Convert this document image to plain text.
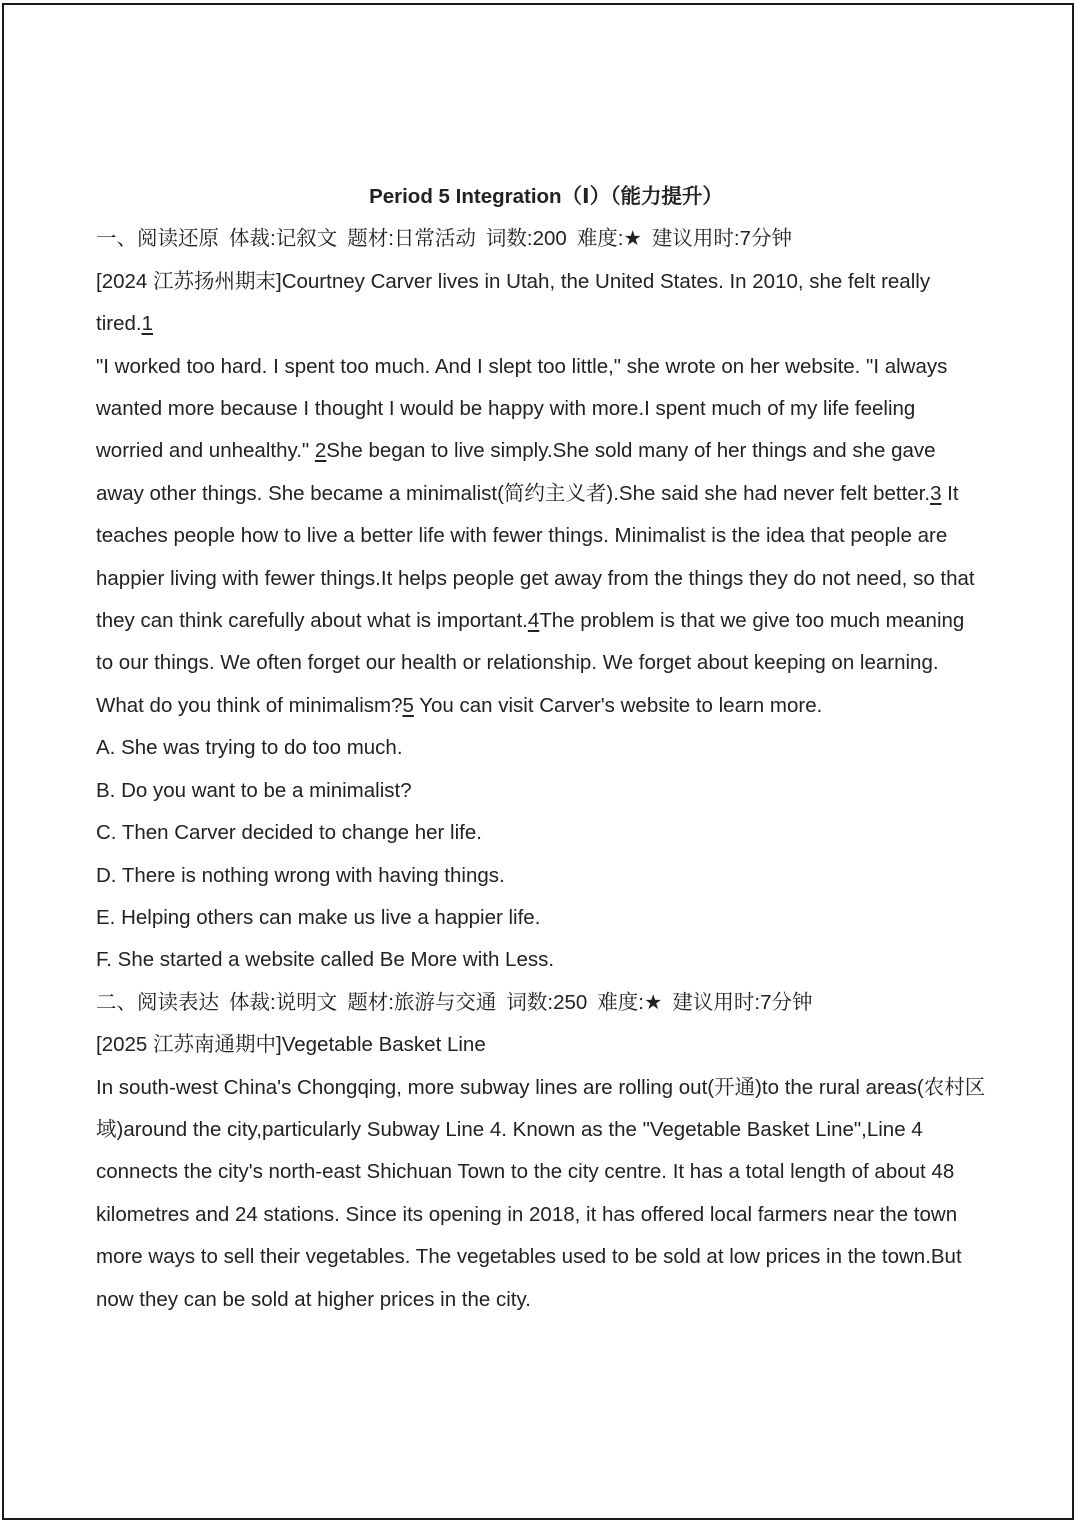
Period 5 Integration（Ⅰ）（能力提升）

一、阅读还原 体裁:记叙文 题材:日常活动 词数:200 难度:★ 建议用时:7分钟

[2024 江苏扬州期末]Courtney Carver lives in Utah, the United States. In 2010, she felt really tired.1

"I worked too hard. I spent too much. And I slept too little," she wrote on her website. "I always wanted more because I thought I would be happy with more.I spent much of my life feeling worried and unhealthy." 2She began to live simply.She sold many of her things and she gave away other things. She became a minimalist(简约主义者).She said she had never felt better.3 It teaches people how to live a better life with fewer things. Minimalist is the idea that people are happier living with fewer things.It helps people get away from the things they do not need, so that they can think carefully about what is important.4The problem is that we give too much meaning to our things. We often forget our health or relationship. We forget about keeping on learning.

What do you think of minimalism?5 You can visit Carver's website to learn more.

A. She was trying to do too much.

B. Do you want to be a minimalist?

C. Then Carver decided to change her life.

D. There is nothing wrong with having things.

E. Helping others can make us live a happier life.

F. She started a website called Be More with Less.

二、阅读表达 体裁:说明文 题材:旅游与交通 词数:250 难度:★ 建议用时:7分钟

[2025 江苏南通期中]Vegetable Basket Line

In south-west China's Chongqing, more subway lines are rolling out(开通)to the rural areas(农村区域)around the city,particularly Subway Line 4. Known as the "Vegetable Basket Line",Line 4 connects the city's north-east Shichuan Town to the city centre. It has a total length of about 48 kilometres and 24 stations. Since its opening in 2018, it has offered local farmers near the town more ways to sell their vegetables. The vegetables used to be sold at low prices in the town.But now they can be sold at higher prices in the city.
